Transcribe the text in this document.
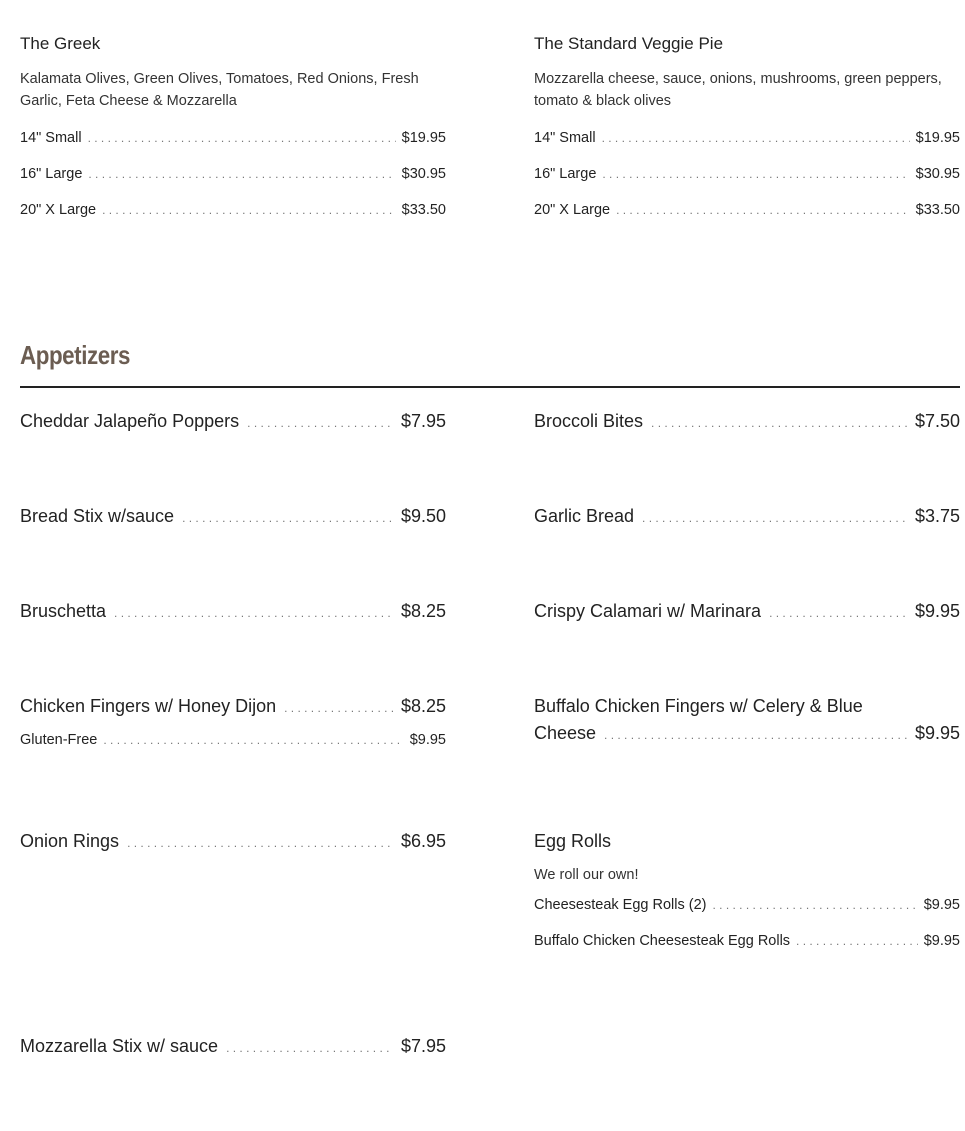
The Greek
Kalamata Olives, Green Olives, Tomatoes, Red Onions, Fresh Garlic, Feta Cheese & Mozzarella
14" Small . . .	$19.95
16" Large . . .	$30.95
20" X Large . . .	$33.50
The Standard Veggie Pie
Mozzarella cheese, sauce, onions, mushrooms, green peppers, tomato & black olives
14" Small . . .	$19.95
16" Large . . .	$30.95
20" X Large . . .	$33.50
Appetizers
Cheddar Jalapeño Poppers . . .	$7.95
Bread Stix w/sauce . . .	$9.50
Bruschetta . . .	$8.25
Chicken Fingers w/ Honey Dijon . . .	$8.25
Gluten-Free . . .	$9.95
Onion Rings . . .	$6.95
Mozzarella Stix w/ sauce . . .	$7.95
Broccoli Bites . . .	$7.50
Garlic Bread . . .	$3.75
Crispy Calamari w/ Marinara . . .	$9.95
Buffalo Chicken Fingers w/ Celery & Blue
Cheese . . .	$9.95
Egg Rolls
We roll our own!
Cheesesteak Egg Rolls (2) . . .	$9.95
Buffalo Chicken Cheesesteak Egg Rolls . . .	$9.95
